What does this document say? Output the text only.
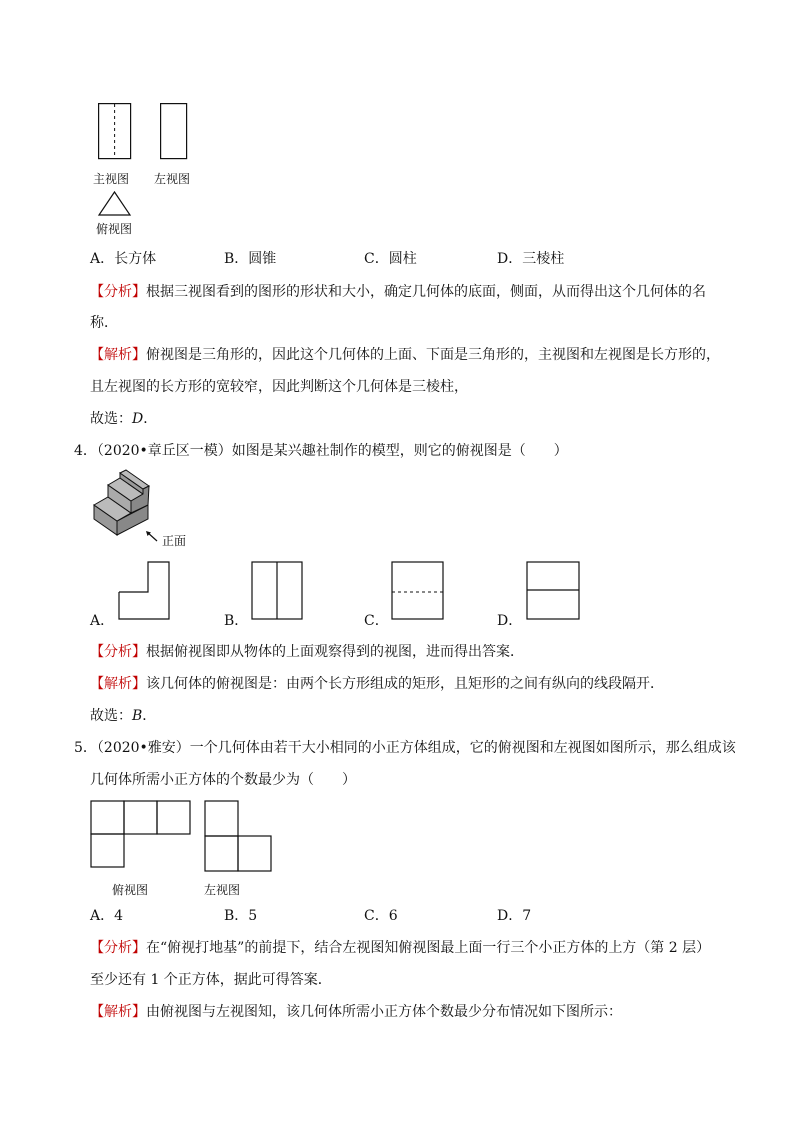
主视图 左视图
俯视图
A．长方体	B．圆锥	C．圆柱	D．三棱柱
【分析】根据三视图看到的图形的形状和大小，确定几何体的底面，侧面，从而得出这个几何体的名
称．
【解析】俯视图是三角形的，因此这个几何体的上面、下面是三角形的，主视图和左视图是长方形的，
且左视图的长方形的宽较窄，因此判断这个几何体是三棱柱，
故选：D．
4．（2020•章丘区一模）如图是某兴趣社制作的模型，则它的俯视图是（　　）
正面
A．	B．	C．	D．
【分析】根据俯视图即从物体的上面观察得到的视图，进而得出答案．
【解析】该几何体的俯视图是：由两个长方形组成的矩形，且矩形的之间有纵向的线段隔开．
故选：B．
5．（2020•雅安）一个几何体由若干大小相同的小正方体组成，它的俯视图和左视图如图所示，那么组成该
几何体所需小正方体的个数最少为（　　）
俯视图	左视图
A．4	B．5	C．6	D．7
【分析】在“俯视打地基”的前提下，结合左视图知俯视图最上面一行三个小正方体的上方（第 2 层）
至少还有 1 个正方体，据此可得答案．
【解析】由俯视图与左视图知，该几何体所需小正方体个数最少分布情况如下图所示：
